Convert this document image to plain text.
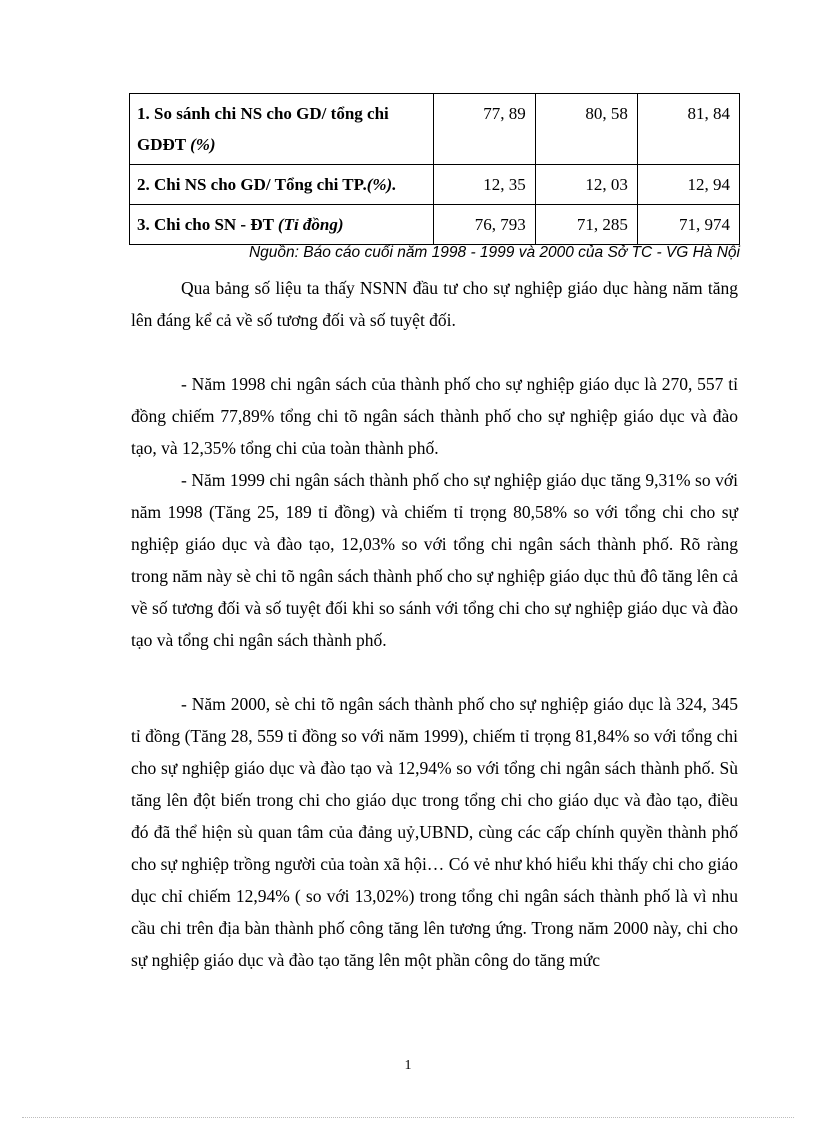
1. So sánh chi NS cho GD/ tổng chi GDĐT (%)	77, 89	80, 58	81, 84
2. Chi NS cho GD/ Tổng chi TP.(%).	12, 35	12, 03	12, 94
3. Chi cho SN - ĐT (Tỉ đồng)	76, 793	71, 285	71, 974
Nguồn: Báo cáo cuối năm 1998 - 1999 và 2000 của Sở TC - VG Hà Nội

Qua bảng số liệu ta thấy NSNN đầu tư cho sự nghiệp giáo dục hàng năm tăng lên đáng kể cả về số tương đối và số tuyệt đối.

- Năm 1998 chi ngân sách của thành phố cho sự nghiệp giáo dục là 270, 557 tỉ đồng chiếm 77,89% tổng chi tõ ngân sách thành phố cho sự nghiệp giáo dục và đào tạo, và 12,35% tổng chi của toàn thành phố.

- Năm 1999 chi ngân sách thành phố cho sự nghiệp giáo dục tăng 9,31% so với năm 1998 (Tăng 25, 189 tỉ đồng) và chiếm tỉ trọng 80,58% so với tổng chi cho sự nghiệp giáo dục và đào tạo, 12,03% so với tổng chi ngân sách thành phố. Rõ ràng trong năm này sè chi tõ ngân sách thành phố cho sự nghiệp giáo dục thủ đô tăng lên cả về số tương đối và số tuyệt đối khi so sánh với tổng chi cho sự nghiệp giáo dục và đào tạo và tổng chi ngân sách thành phố.

- Năm 2000, sè chi tõ ngân sách thành phố cho sự nghiệp giáo dục là 324, 345 tỉ đồng (Tăng 28, 559 tỉ đồng so với năm 1999), chiếm tỉ trọng 81,84% so với tổng chi cho sự nghiệp giáo dục và đào tạo và 12,94% so với tổng chi ngân sách thành phố. Sù tăng lên đột biến trong chi cho giáo dục trong tổng chi cho giáo dục và đào tạo, điều đó đã thể hiện sù quan tâm của đảng uỷ,UBND, cùng các cấp chính quyền thành phố cho sự nghiệp trồng người của toàn xã hội… Có vẻ như khó hiểu khi thấy chi cho giáo dục chỉ chiếm 12,94% ( so với 13,02%) trong tổng chi ngân sách thành phố là vì nhu cầu chi trên địa bàn thành phố công tăng lên tương ứng. Trong năm 2000 này, chi cho sự nghiệp giáo dục và đào tạo tăng lên một phần công do tăng mức

1
